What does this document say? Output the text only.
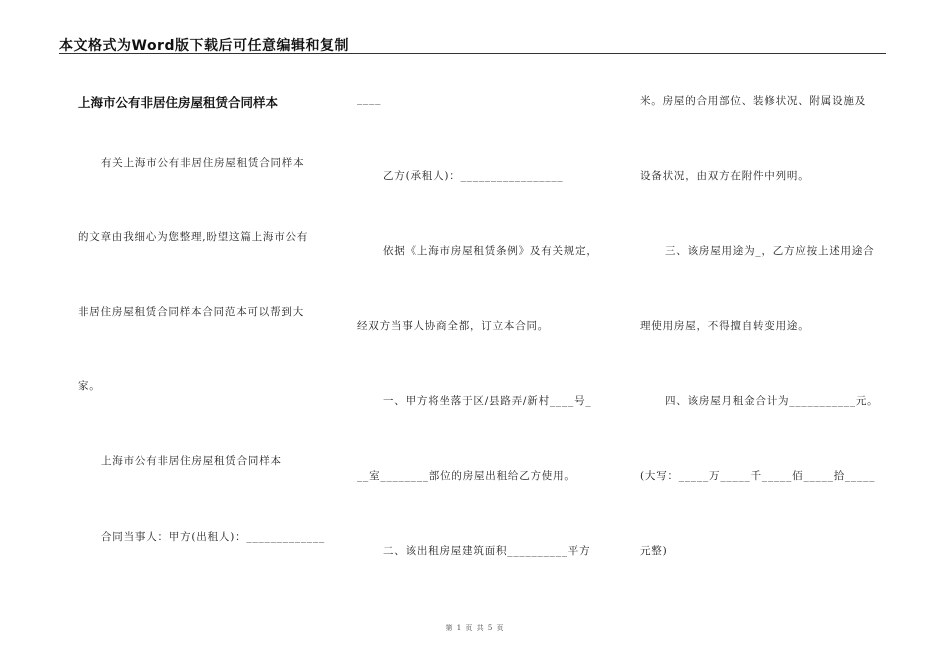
本文格式为Word版下载后可任意编辑和复制
上海市公有非居住房屋租赁合同样本
有关上海市公有非居住房屋租赁合同样本
的文章由我细心为您整理,盼望这篇上海市公有
非居住房屋租赁合同样本合同范本可以帮到大
家。
上海市公有非居住房屋租赁合同样本
合同当事人：甲方(出租人)：_____________
____
乙方(承租人)：_________________
依据《上海市房屋租赁条例》及有关规定，
经双方当事人协商全都，订立本合同。
一、甲方将坐落于区/县路弄/新村____号_
__室________部位的房屋出租给乙方使用。
二、该出租房屋建筑面积__________平方
米。房屋的合用部位、装修状况、附属设施及
设备状况，由双方在附件中列明。
三、该房屋用途为_，乙方应按上述用途合
理使用房屋，不得擅自转变用途。
四、该房屋月租金合计为___________元。
(大写：_____万_____千_____佰_____拾_____
元整)
第 1 页 共 5 页
